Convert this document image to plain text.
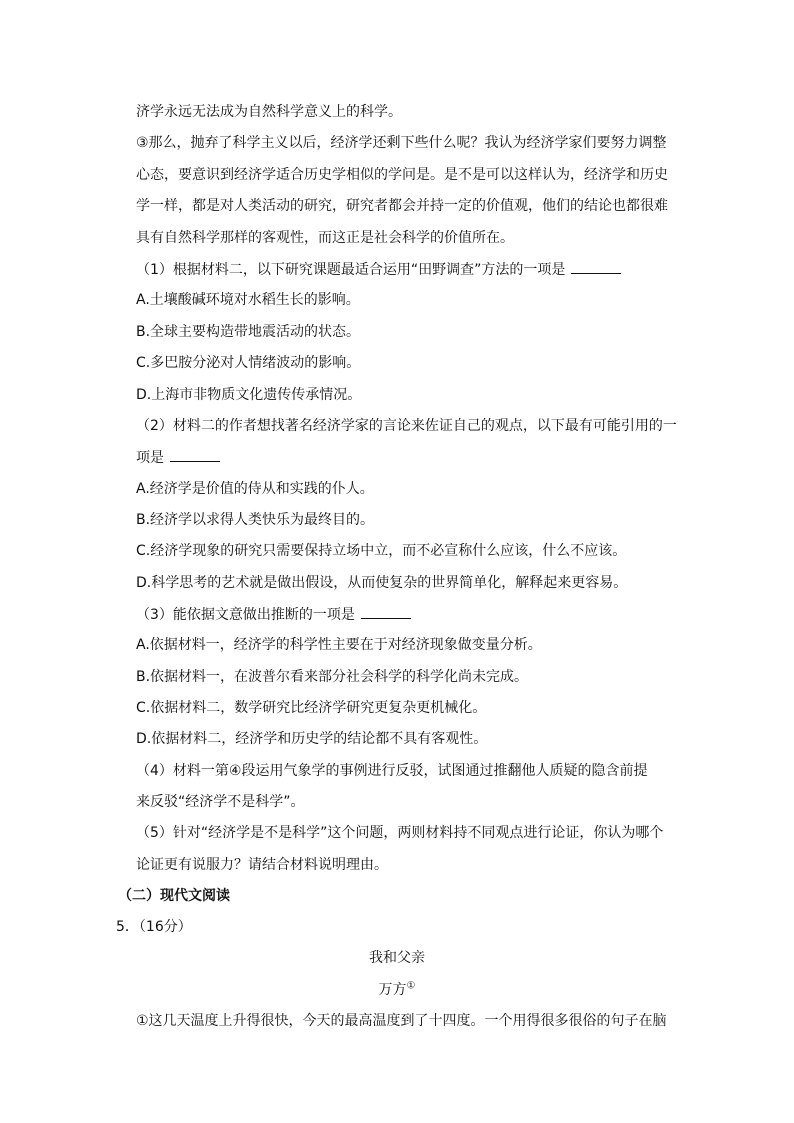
济学永远无法成为自然科学意义上的科学。
③那么，抛弃了科学主义以后，经济学还剩下些什么呢？我认为经济学家们要努力调整
心态，要意识到经济学适合历史学相似的学问是。是不是可以这样认为，经济学和历史
学一样，都是对人类活动的研究，研究者都会并持一定的价值观，他们的结论也都很难
具有自然科学那样的客观性，而这正是社会科学的价值所在。
（1）根据材料二，以下研究课题最适合运用“田野调查”方法的一项是
A.土壤酸碱环境对水稻生长的影响。
B.全球主要构造带地震活动的状态。
C.多巴胺分泌对人情绪波动的影响。
D.上海市非物质文化遗传传承情况。
（2）材料二的作者想找著名经济学家的言论来佐证自己的观点，以下最有可能引用的一
项是
A.经济学是价值的侍从和实践的仆人。
B.经济学以求得人类快乐为最终目的。
C.经济学现象的研究只需要保持立场中立，而不必宣称什么应该，什么不应该。
D.科学思考的艺术就是做出假设，从而使复杂的世界简单化，解释起来更容易。
（3）能依据文意做出推断的一项是
A.依据材料一，经济学的科学性主要在于对经济现象做变量分析。
B.依据材料一，在波普尔看来部分社会科学的科学化尚未完成。
C.依据材料二，数学研究比经济学研究更复杂更机械化。
D.依据材料二，经济学和历史学的结论都不具有客观性。
（4）材料一第④段运用气象学的事例进行反驳，试图通过推翻他人质疑的隐含前提
来反驳“经济学不是科学”。
（5）针对“经济学是不是科学”这个问题，两则材料持不同观点进行论证，你认为哪个
论证更有说服力？请结合材料说明理由。
（二）现代文阅读
5．（16分）
我和父亲
万方①
①这几天温度上升得很快，今天的最高温度到了十四度。一个用得很多很俗的句子在脑
